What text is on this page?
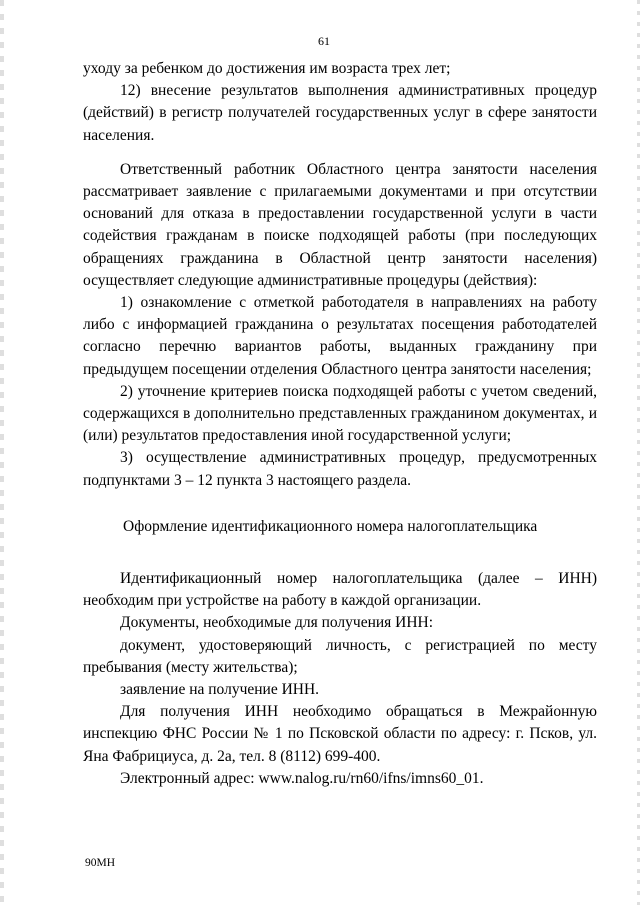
61

уходу за ребенком до достижения им возраста трех лет;

12) внесение результатов выполнения административных процедур (действий) в регистр получателей государственных услуг в сфере занятости населения.

Ответственный работник Областного центра занятости населения рассматривает заявление с прилагаемыми документами и при отсутствии оснований для отказа в предоставлении государственной услуги в части содействия гражданам в поиске подходящей работы (при последующих обращениях гражданина в Областной центр занятости населения) осуществляет следующие административные процедуры (действия):

1) ознакомление с отметкой работодателя в направлениях на работу либо с информацией гражданина о результатах посещения работодателей согласно перечню вариантов работы, выданных гражданину при предыдущем посещении отделения Областного центра занятости населения;

2) уточнение критериев поиска подходящей работы с учетом сведений, содержащихся в дополнительно представленных гражданином документах, и (или) результатов предоставления иной государственной услуги;

3) осуществление административных процедур, предусмотренных подпунктами 3 – 12 пункта 3 настоящего раздела.

Оформление идентификационного номера налогоплательщика

Идентификационный номер налогоплательщика (далее – ИНН) необходим при устройстве на работу в каждой организации.

Документы, необходимые для получения ИНН:

документ, удостоверяющий личность, с регистрацией по месту пребывания (месту жительства);

заявление на получение ИНН.

Для получения ИНН необходимо обращаться в Межрайонную инспекцию ФНС России № 1 по Псковской области по адресу: г. Псков, ул. Яна Фабрициуса, д. 2а, тел. 8 (8112) 699-400.

Электронный адрес: www.nalog.ru/rn60/ifns/imns60_01.

90МН
